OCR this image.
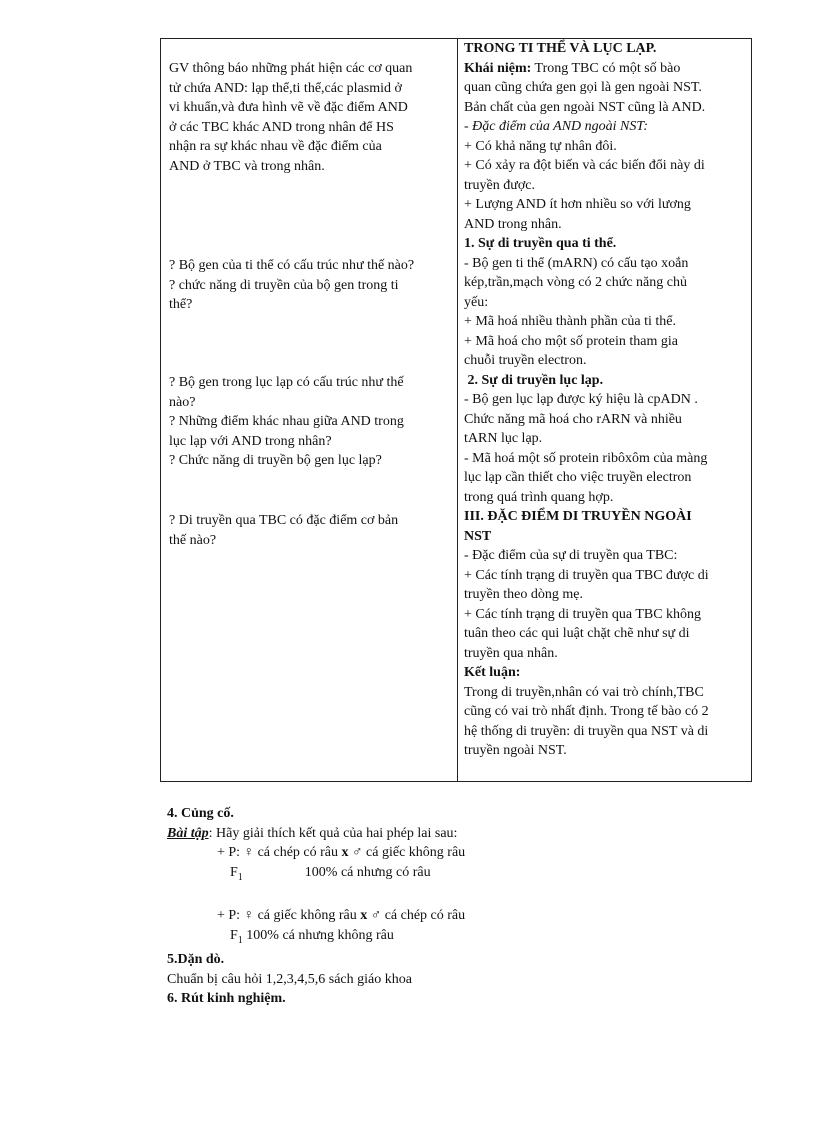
GV thông báo những phát hiện các cơ quan
tử chứa AND: lạp thể,ti thể,các plasmid ở
vi khuẩn,và đưa hình vẽ về đặc điểm AND
ở các TBC khác AND trong nhân để HS
nhận ra sự khác nhau về đặc điểm của
AND ở TBC và trong nhân.
? Bộ gen của ti thể có cấu trúc như thế nào?
? chức năng di truyền của bộ gen trong ti
thể?
? Bộ gen trong lục lạp có cấu trúc như thế
nào?
? Những điểm khác nhau giữa AND trong
lục lạp với AND trong nhân?
? Chức năng di truyền bộ gen lục lạp?
? Di truyền qua TBC có đặc điểm cơ bản
thế nào?
TRONG TI THỂ VÀ LỤC LẠP.
Khái niệm: Trong TBC có một số bào
quan cũng chứa gen gọi là gen ngoài NST.
Bản chất của gen ngoài NST cũng là AND.
- Đặc điểm của AND ngoài NST:
+ Có khả năng tự nhân đôi.
+ Có xảy ra đột biến và các biến đổi này di
truyền được.
+ Lượng AND ít hơn nhiều so với lương
AND trong nhân.
1. Sự di truyền qua ti thể.
- Bộ gen ti thể (mARN) có cấu tạo xoắn
kép,trần,mạch vòng có 2 chức năng chủ
yếu:
+ Mã hoá nhiều thành phần của ti thể.
+ Mã hoá cho một số protein tham gia
chuỗi truyền electron.
2. Sự di truyền lục lạp.
- Bộ gen lục lạp được ký hiệu là cpADN .
Chức năng mã hoá cho rARN và nhiều
tARN lục lạp.
- Mã hoá một số protein ribôxôm của màng
lục lạp cần thiết cho việc truyền electron
trong quá trình quang hợp.
III. ĐẶC ĐIỂM DI TRUYỀN NGOÀI
NST
- Đặc điểm của sự di truyền qua TBC:
+ Các tính trạng di truyền qua TBC được di
truyền theo dòng mẹ.
+ Các tính trạng di truyền qua TBC không
tuân theo các qui luật chặt chẽ như sự di
truyền qua nhân.
Kết luận:
Trong di truyền,nhân có vai trò chính,TBC
cũng có vai trò nhất định. Trong tế bào có 2
hệ thống di truyền: di truyền qua NST và di
truyền ngoài NST.
4. Củng cố.
Bài tập: Hãy giải thích kết quả của hai phép lai sau:
+ P: ♀ cá chép có râu x ♂ cá giếc không râu
$F_1$	100% cá nhưng có râu
+ P: ♀ cá giếc không râu x ♂ cá chép có râu
$F_1$ 100% cá nhưng không râu
5.Dặn dò.
Chuẩn bị câu hỏi 1,2,3,4,5,6 sách giáo khoa
6. Rút kinh nghiệm.
